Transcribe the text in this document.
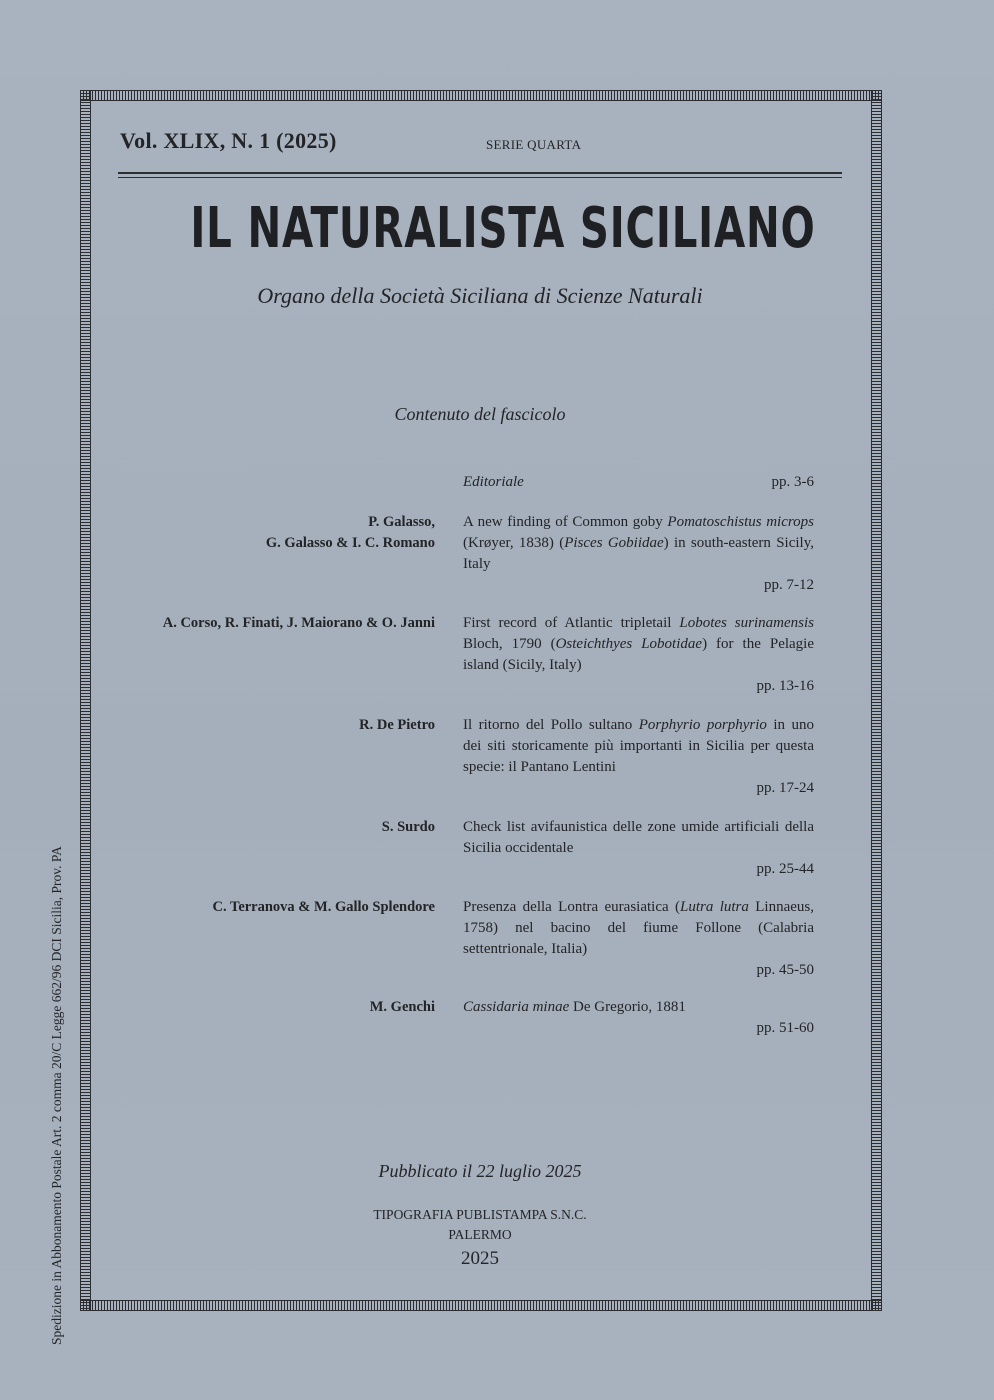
Vol. XLIX, N. 1 (2025)	SERIE QUARTA
IL NATURALISTA SICILIANO
Organo della Società Siciliana di Scienze Naturali
Contenuto del fascicolo
Editoriale	pp. 3-6
P. Galasso,
G. Galasso & I. C. Romano
A new finding of Common goby Pomatoschistus microps (Krøyer, 1838) (Pisces Gobiidae) in south-eastern Sicily, Italy
pp. 7-12
A. Corso, R. Finati, J. Maiorano & O. Janni First record of Atlantic tripletail Lobotes surinamensis Bloch, 1790 (Osteichthyes Lobotidae) for the Pelagie island (Sicily, Italy)
pp. 13-16
R. De Pietro Il ritorno del Pollo sultano Porphyrio porphyrio in uno dei siti storicamente più importanti in Sicilia per questa specie: il Pantano Lentini
pp. 17-24
S. Surdo Check list avifaunistica delle zone umide artificiali della Sicilia occidentale
pp. 25-44
C. Terranova & M. Gallo Splendore Presenza della Lontra eurasiatica (Lutra lutra Linnaeus, 1758) nel bacino del fiume Follone (Calabria settentrionale, Italia)
pp. 45-50
M. Genchi Cassidaria minae De Gregorio, 1881
pp. 51-60
Pubblicato il 22 luglio 2025
TIPOGRAFIA PUBLISTAMPA S.N.C.
PALERMO
2025
Spedizione in Abbonamento Postale Art. 2 comma 20/C Legge 662/96 DCI Sicilia, Prov. PA
